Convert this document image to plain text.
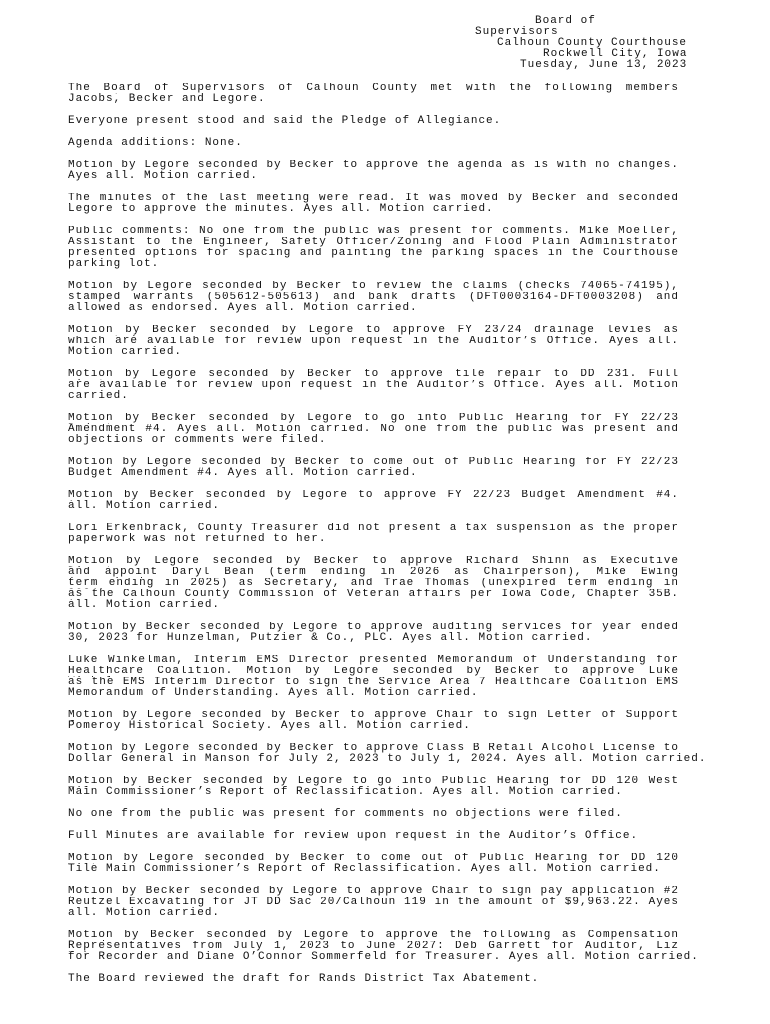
Board of
Supervisors
Calhoun County Courthouse
Rockwell City, Iowa
Tuesday, June 13, 2023
The Board of Supervisors of Calhoun County met with the following members
Jacobs, Becker and Legore.
Everyone present stood and said the Pledge of Allegiance.
Agenda additions: None.
Motion by Legore seconded by Becker to approve the agenda as is with no changes.
Ayes all. Motion carried.
The minutes of the last meeting were read. It was moved by Becker and seconded
Legore to approve the minutes. Ayes all. Motion carried.
Public comments: No one from the public was present for comments. Mike Moeller,
Assistant to the Engineer, Safety Officer/Zoning and Flood Plain Administrator
presented options for spacing and painting the parking spaces in the Courthouse
parking lot.
Motion by Legore seconded by Becker to review the claims (checks 74065-74195),
stamped warrants (505612-505613) and bank drafts (DFT0003164-DFT0003208) and
allowed as endorsed. Ayes all. Motion carried.
Motion by Becker seconded by Legore to approve FY 23/24 drainage levies as
which are available for review upon request in the Auditor’s Office. Ayes all.
Motion carried.
Motion by Legore seconded by Becker to approve tile repair to DD 231. Full
are available for review upon request in the Auditor’s Office. Ayes all. Motion
carried.
Motion by Becker seconded by Legore to go into Public Hearing for FY 22/23
Amendment #4. Ayes all. Motion carried. No one from the public was present and
objections or comments were filed.
Motion by Legore seconded by Becker to come out of Public Hearing for FY 22/23
Budget Amendment #4. Ayes all. Motion carried.
Motion by Becker seconded by Legore to approve FY 22/23 Budget Amendment #4.
all. Motion carried.
Lori Erkenbrack, County Treasurer did not present a tax suspension as the proper
paperwork was not returned to her.
Motion by Legore seconded by Becker to approve Richard Shinn as Executive
and appoint Daryl Bean (term ending in 2026 as Chairperson), Mike Ewing
term ending in 2025) as Secretary, and Trae Thomas (unexpired term ending in
as the Calhoun County Commission of Veteran affairs per Iowa Code, Chapter 35B.
all. Motion carried.
Motion by Becker seconded by Legore to approve auditing services for year ended
30, 2023 for Hunzelman, Putzier & Co., PLC. Ayes all. Motion carried.
Luke Winkelman, Interim EMS Director presented Memorandum of Understanding for
Healthcare Coalition. Motion by Legore seconded by Becker to approve Luke
as the EMS Interim Director to sign the Service Area 7 Healthcare Coalition EMS
Memorandum of Understanding. Ayes all. Motion carried.
Motion by Legore seconded by Becker to approve Chair to sign Letter of Support
Pomeroy Historical Society. Ayes all. Motion carried.
Motion by Legore seconded by Becker to approve Class B Retail Alcohol License to
Dollar General in Manson for July 2, 2023 to July 1, 2024. Ayes all. Motion carried.
Motion by Becker seconded by Legore to go into Public Hearing for DD 120 West
Main Commissioner’s Report of Reclassification. Ayes all. Motion carried.
No one from the public was present for comments no objections were filed.
Full Minutes are available for review upon request in the Auditor’s Office.
Motion by Legore seconded by Becker to come out of Public Hearing for DD 120
Tile Main Commissioner’s Report of Reclassification. Ayes all. Motion carried.
Motion by Becker seconded by Legore to approve Chair to sign pay application #2
Reutzel Excavating for JT DD Sac 20/Calhoun 119 in the amount of $9,963.22. Ayes
all. Motion carried.
Motion by Becker seconded by Legore to approve the following as Compensation
Representatives from July 1, 2023 to June 2027: Deb Garrett for Auditor, Liz
for Recorder and Diane O’Connor Sommerfeld for Treasurer. Ayes all. Motion carried.
The Board reviewed the draft for Rands District Tax Abatement.
